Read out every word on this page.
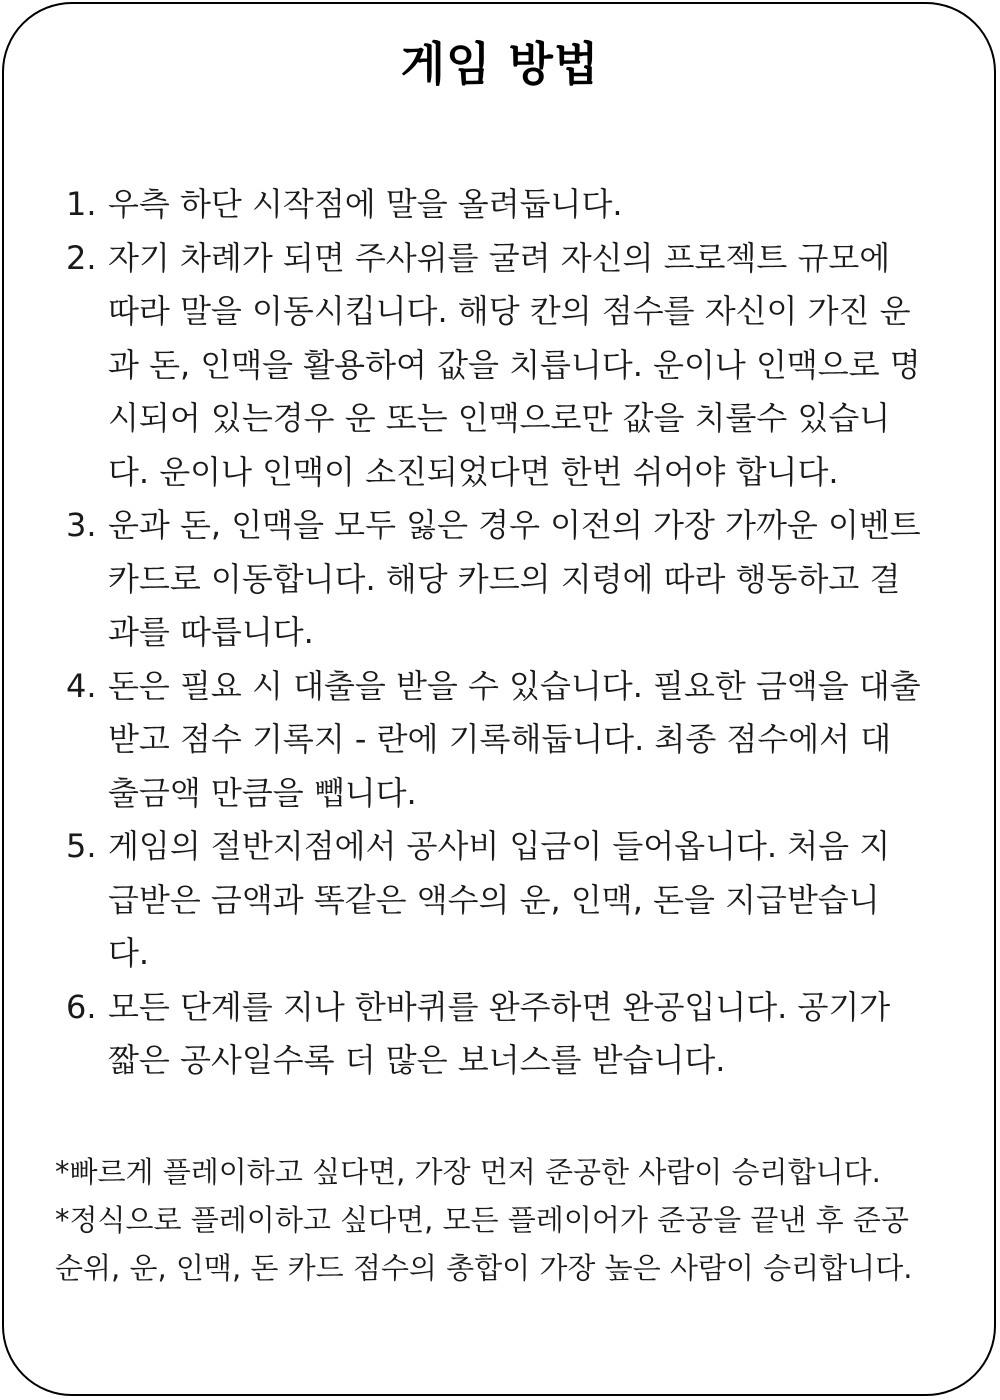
게임 방법
1. 우측 하단 시작점에 말을 올려둡니다.
2. 자기 차례가 되면 주사위를 굴려 자신의 프로젝트 규모에
따라 말을 이동시킵니다. 해당 칸의 점수를 자신이 가진 운
과 돈, 인맥을 활용하여 값을 치릅니다. 운이나 인맥으로 명
시되어 있는경우 운 또는 인맥으로만 값을 치룰수 있습니
다. 운이나 인맥이 소진되었다면 한번 쉬어야 합니다.
3. 운과 돈, 인맥을 모두 잃은 경우 이전의 가장 가까운 이벤트
카드로 이동합니다. 해당 카드의 지령에 따라 행동하고 결
과를 따릅니다.
4. 돈은 필요 시 대출을 받을 수 있습니다. 필요한 금액을 대출
받고 점수 기록지 - 란에 기록해둡니다. 최종 점수에서 대
출금액 만큼을 뺍니다.
5. 게임의 절반지점에서 공사비 입금이 들어옵니다. 처음 지
급받은 금액과 똑같은 액수의 운, 인맥, 돈을 지급받습니
다.
6. 모든 단계를 지나 한바퀴를 완주하면 완공입니다. 공기가
짧은 공사일수록 더 많은 보너스를 받습니다.
*빠르게 플레이하고 싶다면, 가장 먼저 준공한 사람이 승리합니다.
*정식으로 플레이하고 싶다면, 모든 플레이어가 준공을 끝낸 후 준공
순위, 운, 인맥, 돈 카드 점수의 총합이 가장 높은 사람이 승리합니다.
